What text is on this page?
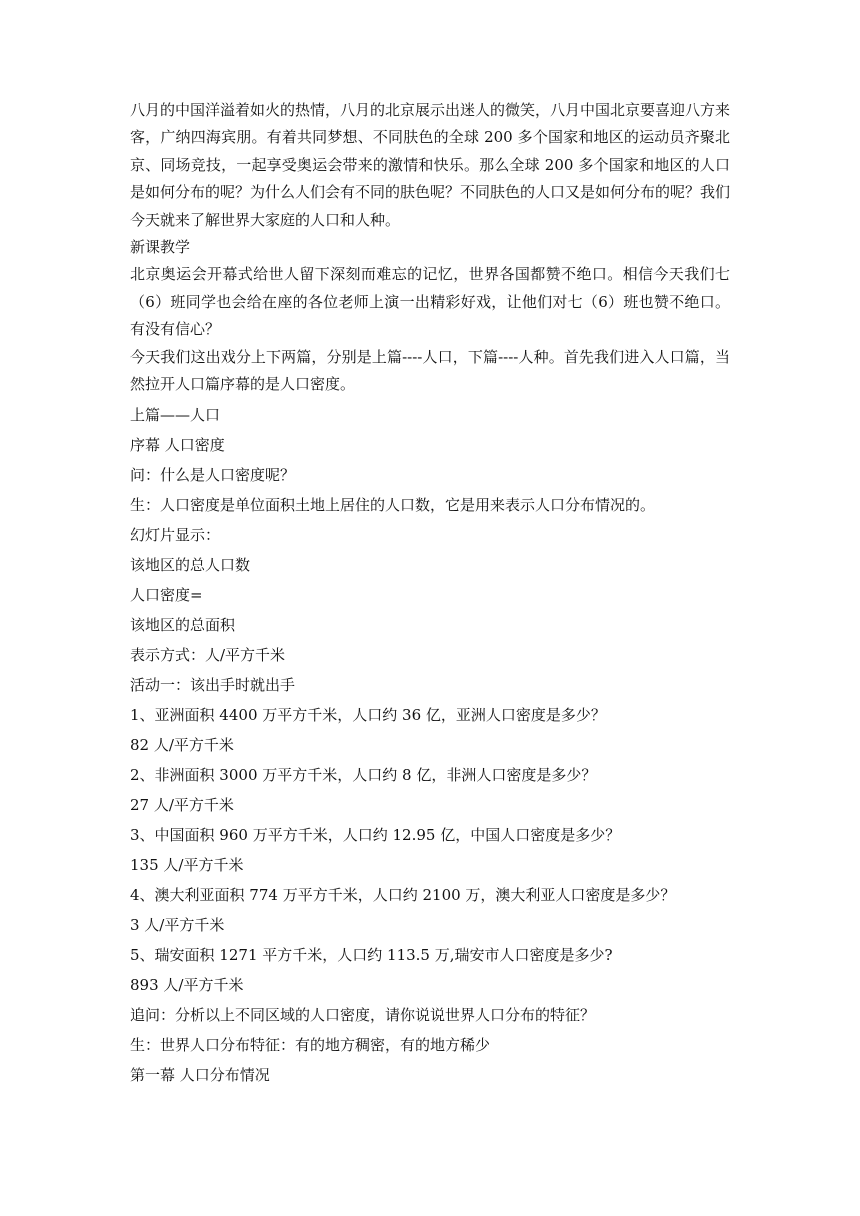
八月的中国洋溢着如火的热情，八月的北京展示出迷人的微笑，八月中国北京要喜迎八方来客，广纳四海宾朋。有着共同梦想、不同肤色的全球 200 多个国家和地区的运动员齐聚北京、同场竞技，一起享受奥运会带来的激情和快乐。那么全球 200 多个国家和地区的人口是如何分布的呢？为什么人们会有不同的肤色呢？不同肤色的人口又是如何分布的呢？我们今天就来了解世界大家庭的人口和人种。

新课教学

北京奥运会开幕式给世人留下深刻而难忘的记忆，世界各国都赞不绝口。相信今天我们七（6）班同学也会给在座的各位老师上演一出精彩好戏，让他们对七（6）班也赞不绝口。有没有信心？

今天我们这出戏分上下两篇，分别是上篇----人口，下篇----人种。首先我们进入人口篇，当然拉开人口篇序幕的是人口密度。

上篇——人口

序幕 人口密度

问：什么是人口密度呢？

生：人口密度是单位面积土地上居住的人口数，它是用来表示人口分布情况的。

幻灯片显示：

该地区的总人口数

人口密度=

该地区的总面积

表示方式：人/平方千米

活动一：该出手时就出手

1、亚洲面积 4400 万平方千米，人口约 36 亿，亚洲人口密度是多少？

82 人/平方千米

2、非洲面积 3000 万平方千米，人口约 8 亿，非洲人口密度是多少？

27 人/平方千米

3、中国面积 960 万平方千米，人口约 12.95 亿，中国人口密度是多少？

135 人/平方千米

4、澳大利亚面积 774 万平方千米，人口约 2100 万，澳大利亚人口密度是多少？

3 人/平方千米

5、瑞安面积 1271 平方千米，人口约 113.5 万,瑞安市人口密度是多少?

893 人/平方千米

追问：分析以上不同区域的人口密度，请你说说世界人口分布的特征？

生：世界人口分布特征：有的地方稠密，有的地方稀少

第一幕 人口分布情况
